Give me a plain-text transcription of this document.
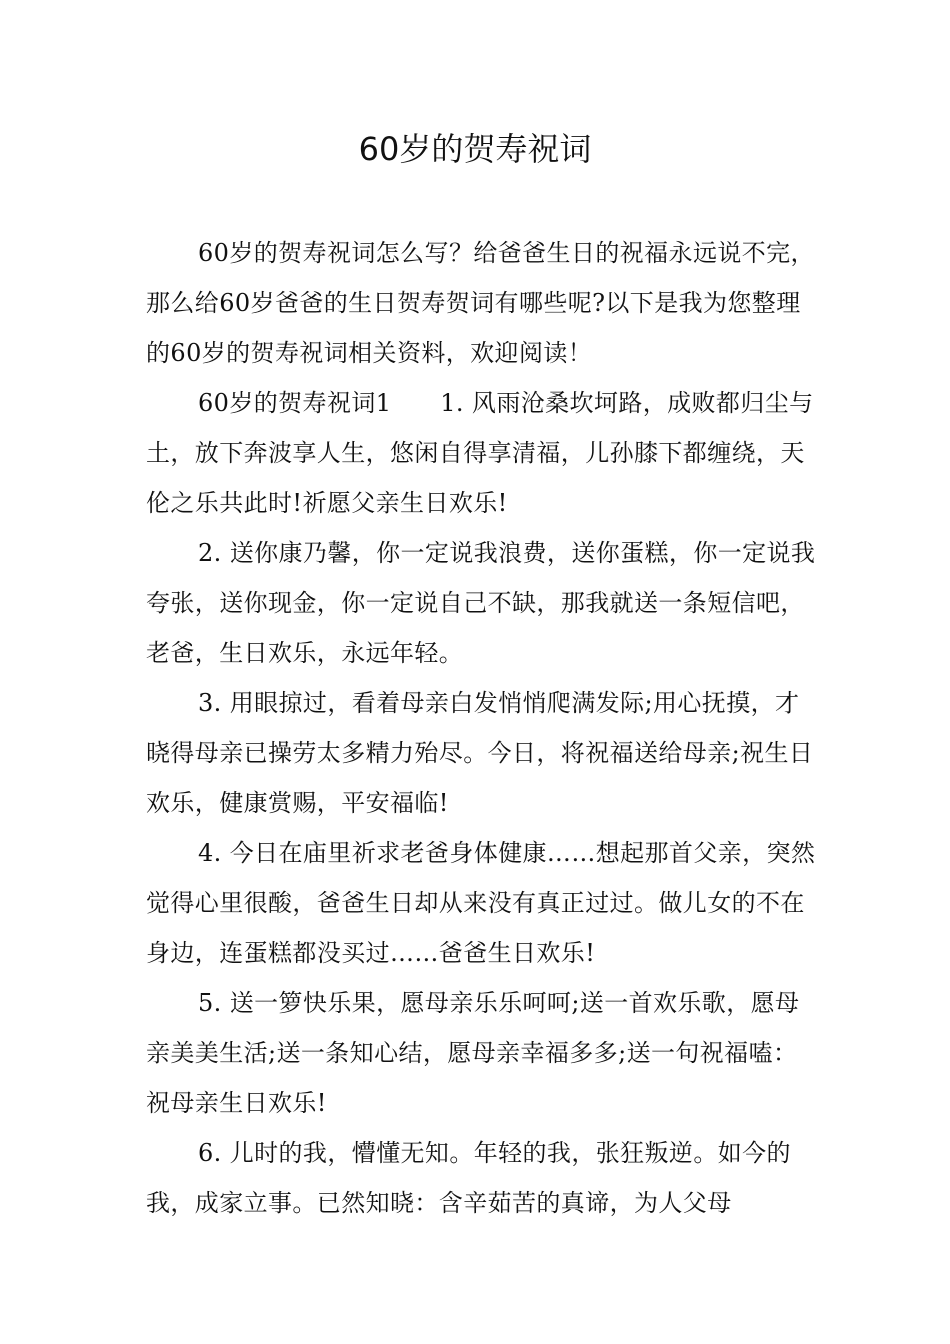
60岁的贺寿祝词

60岁的贺寿祝词怎么写？给爸爸生日的祝福永远说不完，那么给60岁爸爸的生日贺寿贺词有哪些呢?以下是我为您整理的60岁的贺寿祝词相关资料，欢迎阅读！

60岁的贺寿祝词1　　1. 风雨沧桑坎坷路，成败都归尘与土，放下奔波享人生，悠闲自得享清福，儿孙膝下都缠绕，天伦之乐共此时!祈愿父亲生日欢乐!

2. 送你康乃馨，你一定说我浪费，送你蛋糕，你一定说我夸张，送你现金，你一定说自己不缺，那我就送一条短信吧，老爸，生日欢乐，永远年轻。

3. 用眼掠过，看着母亲白发悄悄爬满发际;用心抚摸，才晓得母亲已操劳太多精力殆尽。今日，将祝福送给母亲;祝生日欢乐，健康赏赐，平安福临!

4. 今日在庙里祈求老爸身体健康……想起那首父亲，突然觉得心里很酸，爸爸生日却从来没有真正过过。做儿女的不在身边，连蛋糕都没买过……爸爸生日欢乐!

5. 送一箩快乐果，愿母亲乐乐呵呵;送一首欢乐歌，愿母亲美美生活;送一条知心结，愿母亲幸福多多;送一句祝福嗑：祝母亲生日欢乐!

6. 儿时的我，懵懂无知。年轻的我，张狂叛逆。如今的我，成家立事。已然知晓：含辛茹苦的真谛，为人父母
